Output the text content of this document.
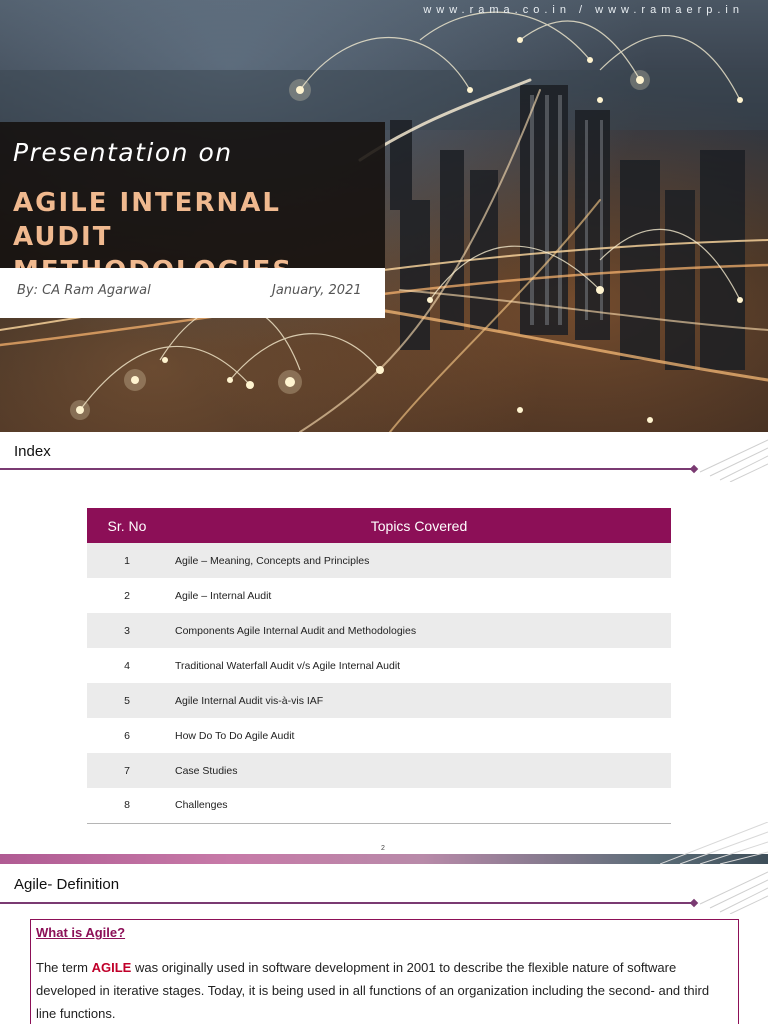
www.rama.co.in / www.ramaerp.in
Presentation on
AGILE INTERNAL AUDIT
By: CA Ram Agarwal	January, 2021
Index
Sr. No	Topics Covered
1	Agile – Meaning, Concepts and Principles
2	Agile – Internal Audit
3	Components Agile Internal Audit and Methodologies
4	Traditional Waterfall Audit v/s Agile Internal Audit
5	Agile Internal Audit vis-à-vis IAF
6	How Do To Do Agile Audit
7	Case Studies
8	Challenges
2
Agile- Definition
What is Agile?
The term AGILE was originally used in software development in 2001 to describe the flexible nature of software developed in iterative stages. Today, it is being used in all functions of an organization including the second- and third line functions.
